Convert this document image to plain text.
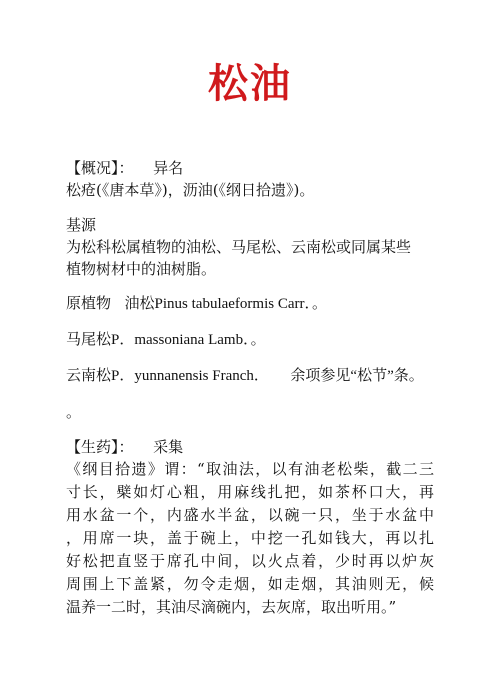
松油
【概况】： 异名
松疮(《唐本草》)，沥油(《纲日拾遗》)。
基源
为松科松属植物的油松、马尾松、云南松或同属某些
植物树材中的油树脂。
原植物 油松Pinus tabulaeformis Carr．。
马尾松P．massoniana Lamb．。
云南松P．yunnanensis Franch． 余项参见“松节”条。
。
【生药】： 采集
《纲目拾遗》谓：“取油法，以有油老松柴，截二三
寸长，檗如灯心粗，用麻线扎把，如茶杯口大，再
用水盆一个，内盛水半盆，以碗一只，坐于水盆中
，用席一块，盖于碗上，中挖一孔如钱大，再以扎
好松把直竖于席孔中间，以火点着，少时再以炉灰
周围上下盖紧，勿令走烟，如走烟，其油则无，候
温养一二时，其油尽滴碗内，去灰席，取出听用。”
